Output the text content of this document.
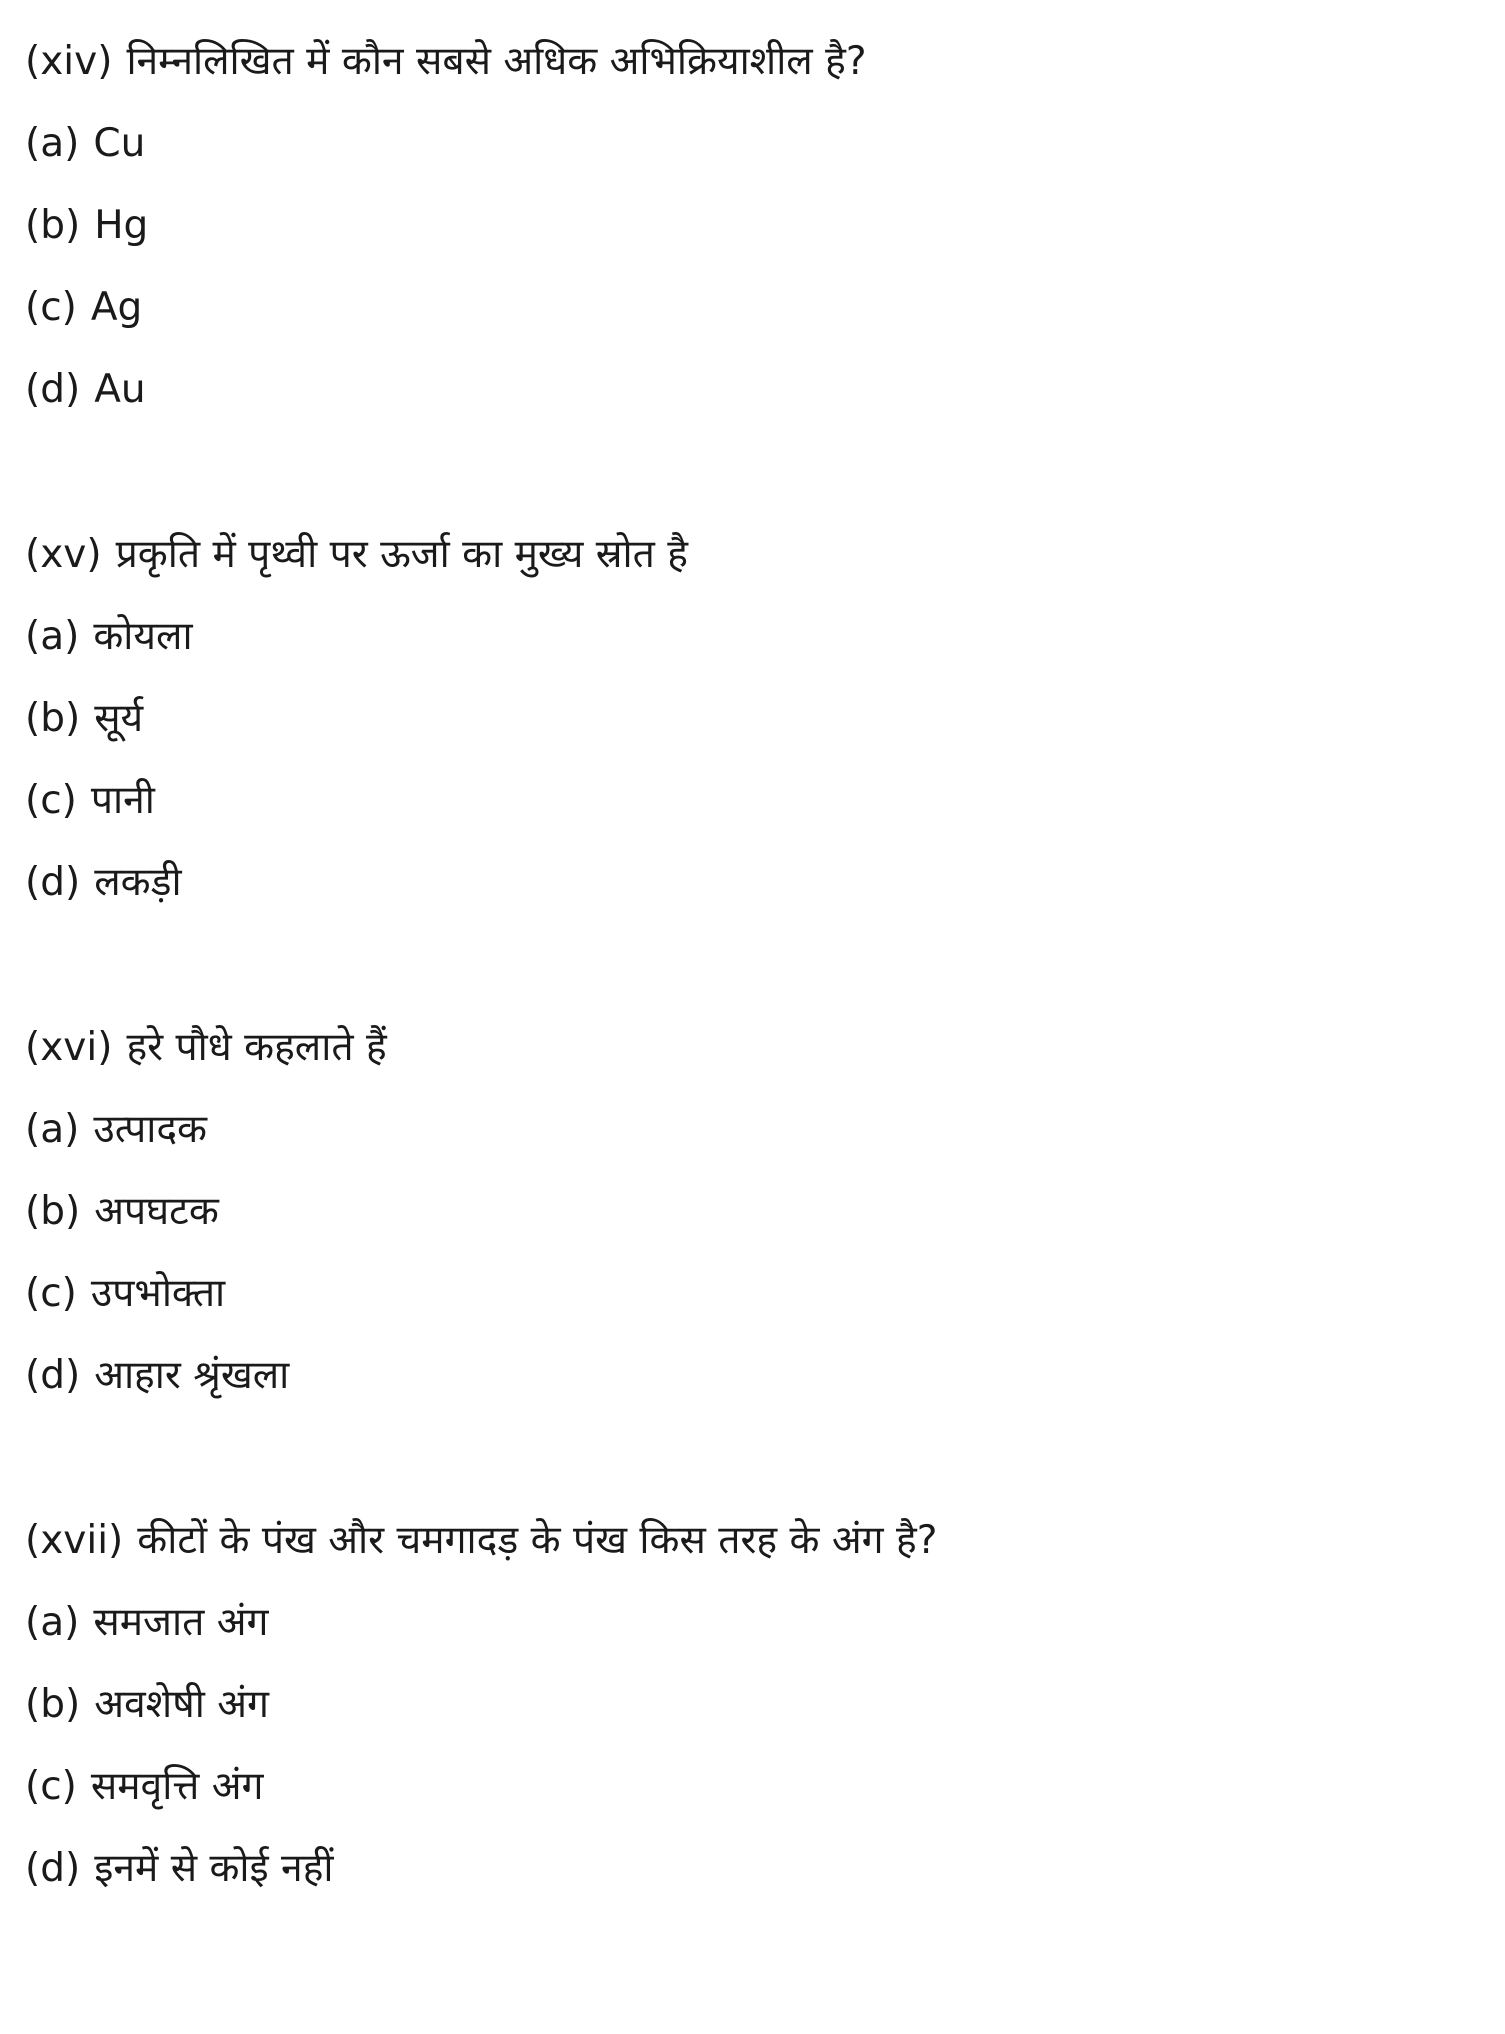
(xiv) निम्नलिखित में कौन सबसे अधिक अभिक्रियाशील है?
(a) Cu
(b) Hg
(c) Ag
(d) Au
(xv) प्रकृति में पृथ्वी पर ऊर्जा का मुख्य स्रोत है
(a) कोयला
(b) सूर्य
(c) पानी
(d) लकड़ी
(xvi) हरे पौधे कहलाते हैं
(a) उत्पादक
(b) अपघटक
(c) उपभोक्ता
(d) आहार श्रृंखला
(xvii) कीटों के पंख और चमगादड़ के पंख किस तरह के अंग है?
(a) समजात अंग
(b) अवशेषी अंग
(c) समवृत्ति अंग
(d) इनमें से कोई नहीं
